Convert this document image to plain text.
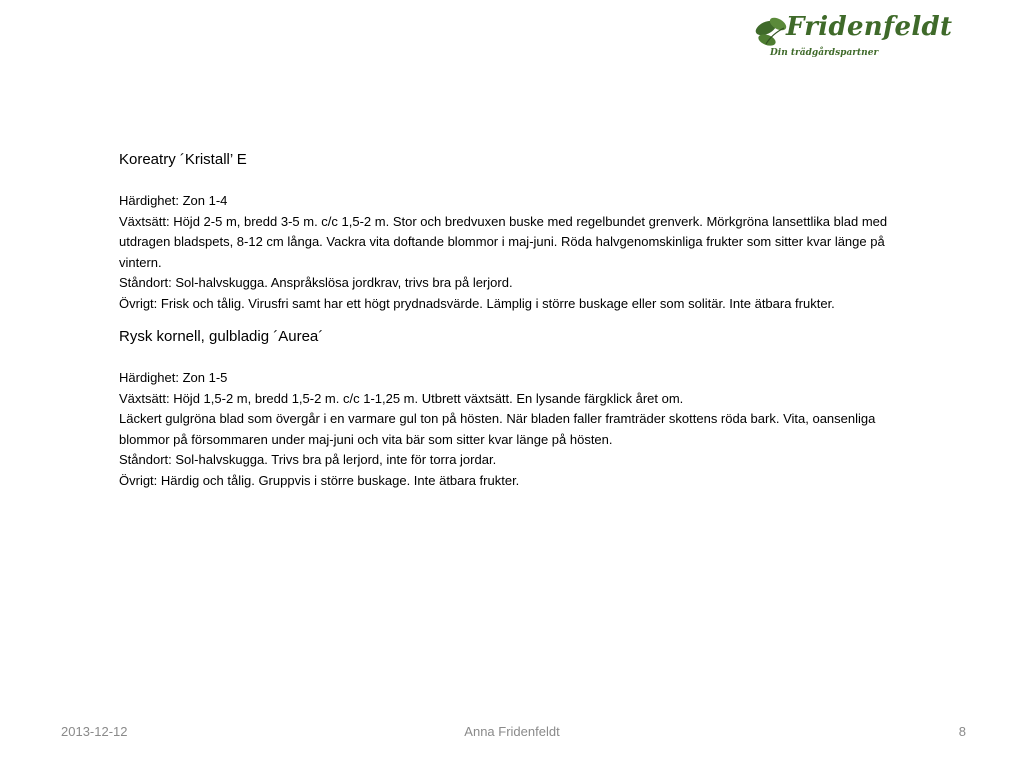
Fridenfeldt
Din trädgårdspartner

Koreatry ´Kristall’ E

Härdighet: Zon 1-4

Växtsätt: Höjd 2-5 m, bredd 3-5 m. c/c 1,5-2 m. Stor och bredvuxen buske med regelbundet grenverk. Mörkgröna lansettlika blad med utdragen bladspets, 8-12 cm långa. Vackra vita doftande blommor i maj-juni. Röda halvgenomskinliga frukter som sitter kvar länge på vintern.

Ståndort: Sol-halvskugga. Anspråkslösa jordkrav, trivs bra på lerjord.

Övrigt: Frisk och tålig. Virusfri samt har ett högt prydnadsvärde. Lämplig i större buskage eller som solitär. Inte ätbara frukter.

Rysk kornell, gulbladig ´Aurea´

Härdighet: Zon 1-5

Växtsätt: Höjd 1,5-2 m, bredd 1,5-2 m. c/c 1-1,25 m. Utbrett växtsätt. En lysande färgklick året om.

Läckert gulgröna blad som övergår i en varmare gul ton på hösten. När bladen faller framträder skottens röda bark. Vita, oansenliga blommor på försommaren under maj-juni och vita bär som sitter kvar länge på hösten.

Ståndort: Sol-halvskugga. Trivs bra på lerjord, inte för torra jordar.

Övrigt: Härdig och tålig. Gruppvis i större buskage. Inte ätbara frukter.

2013-12-12	Anna Fridenfeldt	8
